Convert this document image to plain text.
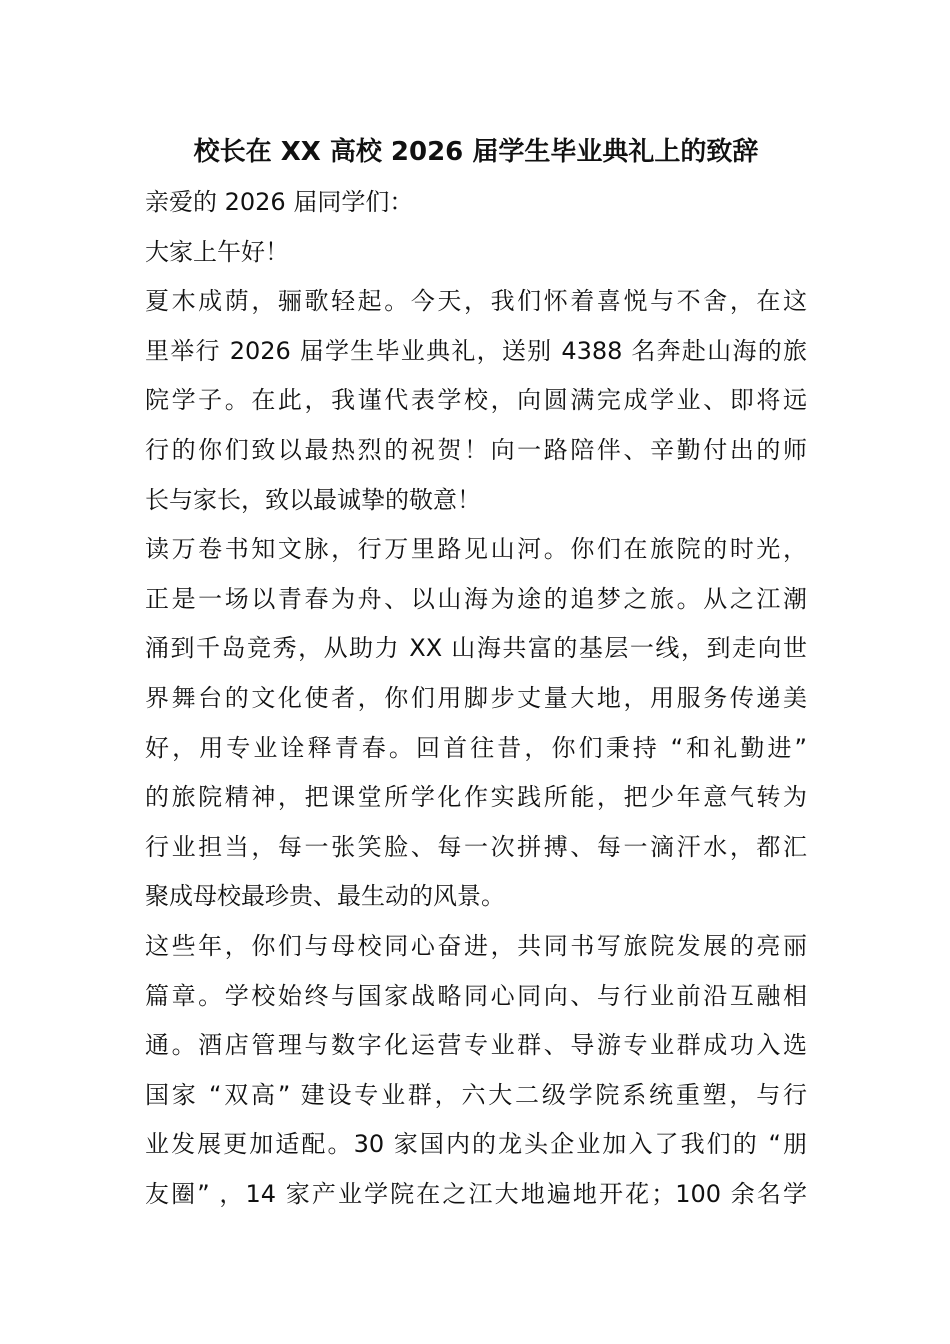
校长在 XX 高校 2026 届学生毕业典礼上的致辞
亲爱的 2026 届同学们：
大家上午好！
夏木成荫，骊歌轻起。今天，我们怀着喜悦与不舍，在这
里举行 2026 届学生毕业典礼，送别 4388 名奔赴山海的旅
院学子。在此，我谨代表学校，向圆满完成学业、即将远
行的你们致以最热烈的祝贺！向一路陪伴、辛勤付出的师
长与家长，致以最诚挚的敬意！
读万卷书知文脉，行万里路见山河。你们在旅院的时光，
正是一场以青春为舟、以山海为途的追梦之旅。从之江潮
涌到千岛竞秀，从助力 XX 山海共富的基层一线，到走向世
界舞台的文化使者，你们用脚步丈量大地，用服务传递美
好，用专业诠释青春。回首往昔，你们秉持 “和礼勤进”
的旅院精神，把课堂所学化作实践所能，把少年意气转为
行业担当，每一张笑脸、每一次拼搏、每一滴汗水，都汇
聚成母校最珍贵、最生动的风景。
这些年，你们与母校同心奋进，共同书写旅院发展的亮丽
篇章。学校始终与国家战略同心同向、与行业前沿互融相
通。酒店管理与数字化运营专业群、导游专业群成功入选
国家 “双高” 建设专业群，六大二级学院系统重塑，与行
业发展更加适配。30 家国内的龙头企业加入了我们的 “朋
友圈” ，14 家产业学院在之江大地遍地开花；100 余名学
